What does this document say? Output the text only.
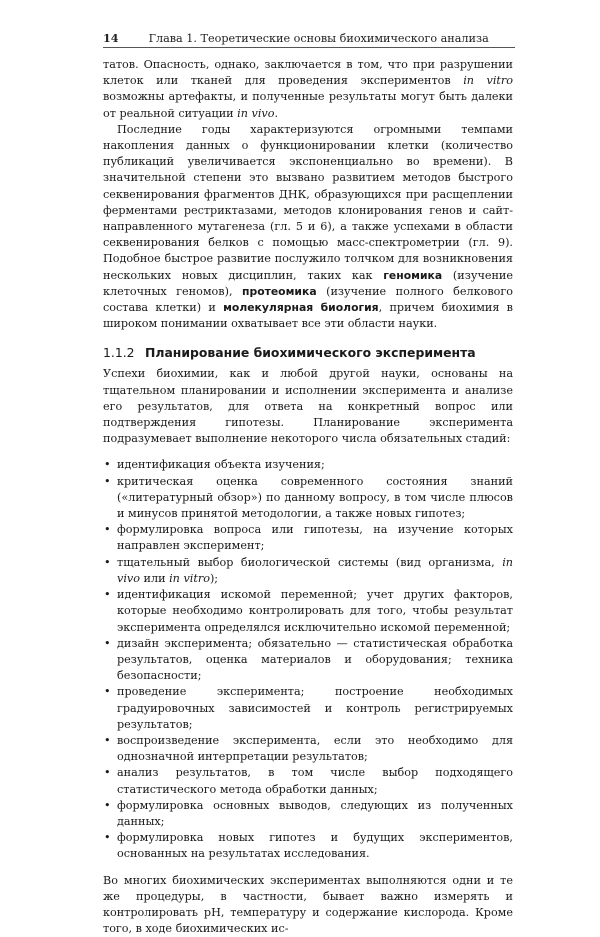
14	Глава 1. Теоретические основы биохимического анализа

татов. Опасность, однако, заключается в том, что при разрушении клеток или тканей для проведения экспериментов in vitro возможны артефакты, и полученные результаты могут быть далеки от реальной ситуации in vivo.

Последние годы характеризуются огромными темпами накопления данных о функционировании клетки (количество публикаций увеличивается экспоненциально во времени). В значительной степени это вызвано развитием методов быстрого секвенирования фрагментов ДНК, образующихся при расщеплении ферментами рестриктазами, методов клонирования генов и сайт-направленного мутагенеза (гл. 5 и 6), а также успехами в области секвенирования белков с помощью масс-спектрометрии (гл. 9). Подобное быстрое развитие послужило толчком для возникновения нескольких новых дисциплин, таких как геномика (изучение клеточных геномов), протеомика (изучение полного белкового состава клетки) и молекулярная биология, причем биохимия в широком понимании охватывает все эти области науки.

1.1.2 Планирование биохимического эксперимента

Успехи биохимии, как и любой другой науки, основаны на тщательном планировании и исполнении эксперимента и анализе его результатов, для ответа на конкретный вопрос или подтверждения гипотезы. Планирование эксперимента подразумевает выполнение некоторого числа обязательных стадий:

• идентификация объекта изучения;
• критическая оценка современного состояния знаний («литературный обзор») по данному вопросу, в том числе плюсов и минусов принятой методологии, а также новых гипотез;
• формулировка вопроса или гипотезы, на изучение которых направлен эксперимент;
• тщательный выбор биологической системы (вид организма, in vivo или in vitro);
• идентификация искомой переменной; учет других факторов, которые необходимо контролировать для того, чтобы результат эксперимента определялся исключительно искомой переменной;
• дизайн эксперимента; обязательно — статистическая обработка результатов, оценка материалов и оборудования; техника безопасности;
• проведение эксперимента; построение необходимых градуировочных зависимостей и контроль регистрируемых результатов;
• воспроизведение эксперимента, если это необходимо для однозначной интерпретации результатов;
• анализ результатов, в том числе выбор подходящего статистического метода обработки данных;
• формулировка основных выводов, следующих из полученных данных;
• формулировка новых гипотез и будущих экспериментов, основанных на результатах исследования.

Во многих биохимических экспериментах выполняются одни и те же процедуры, в частности, бывает важно измерять и контролировать pH, температуру и содержание кислорода. Кроме того, в ходе биохимических ис-
